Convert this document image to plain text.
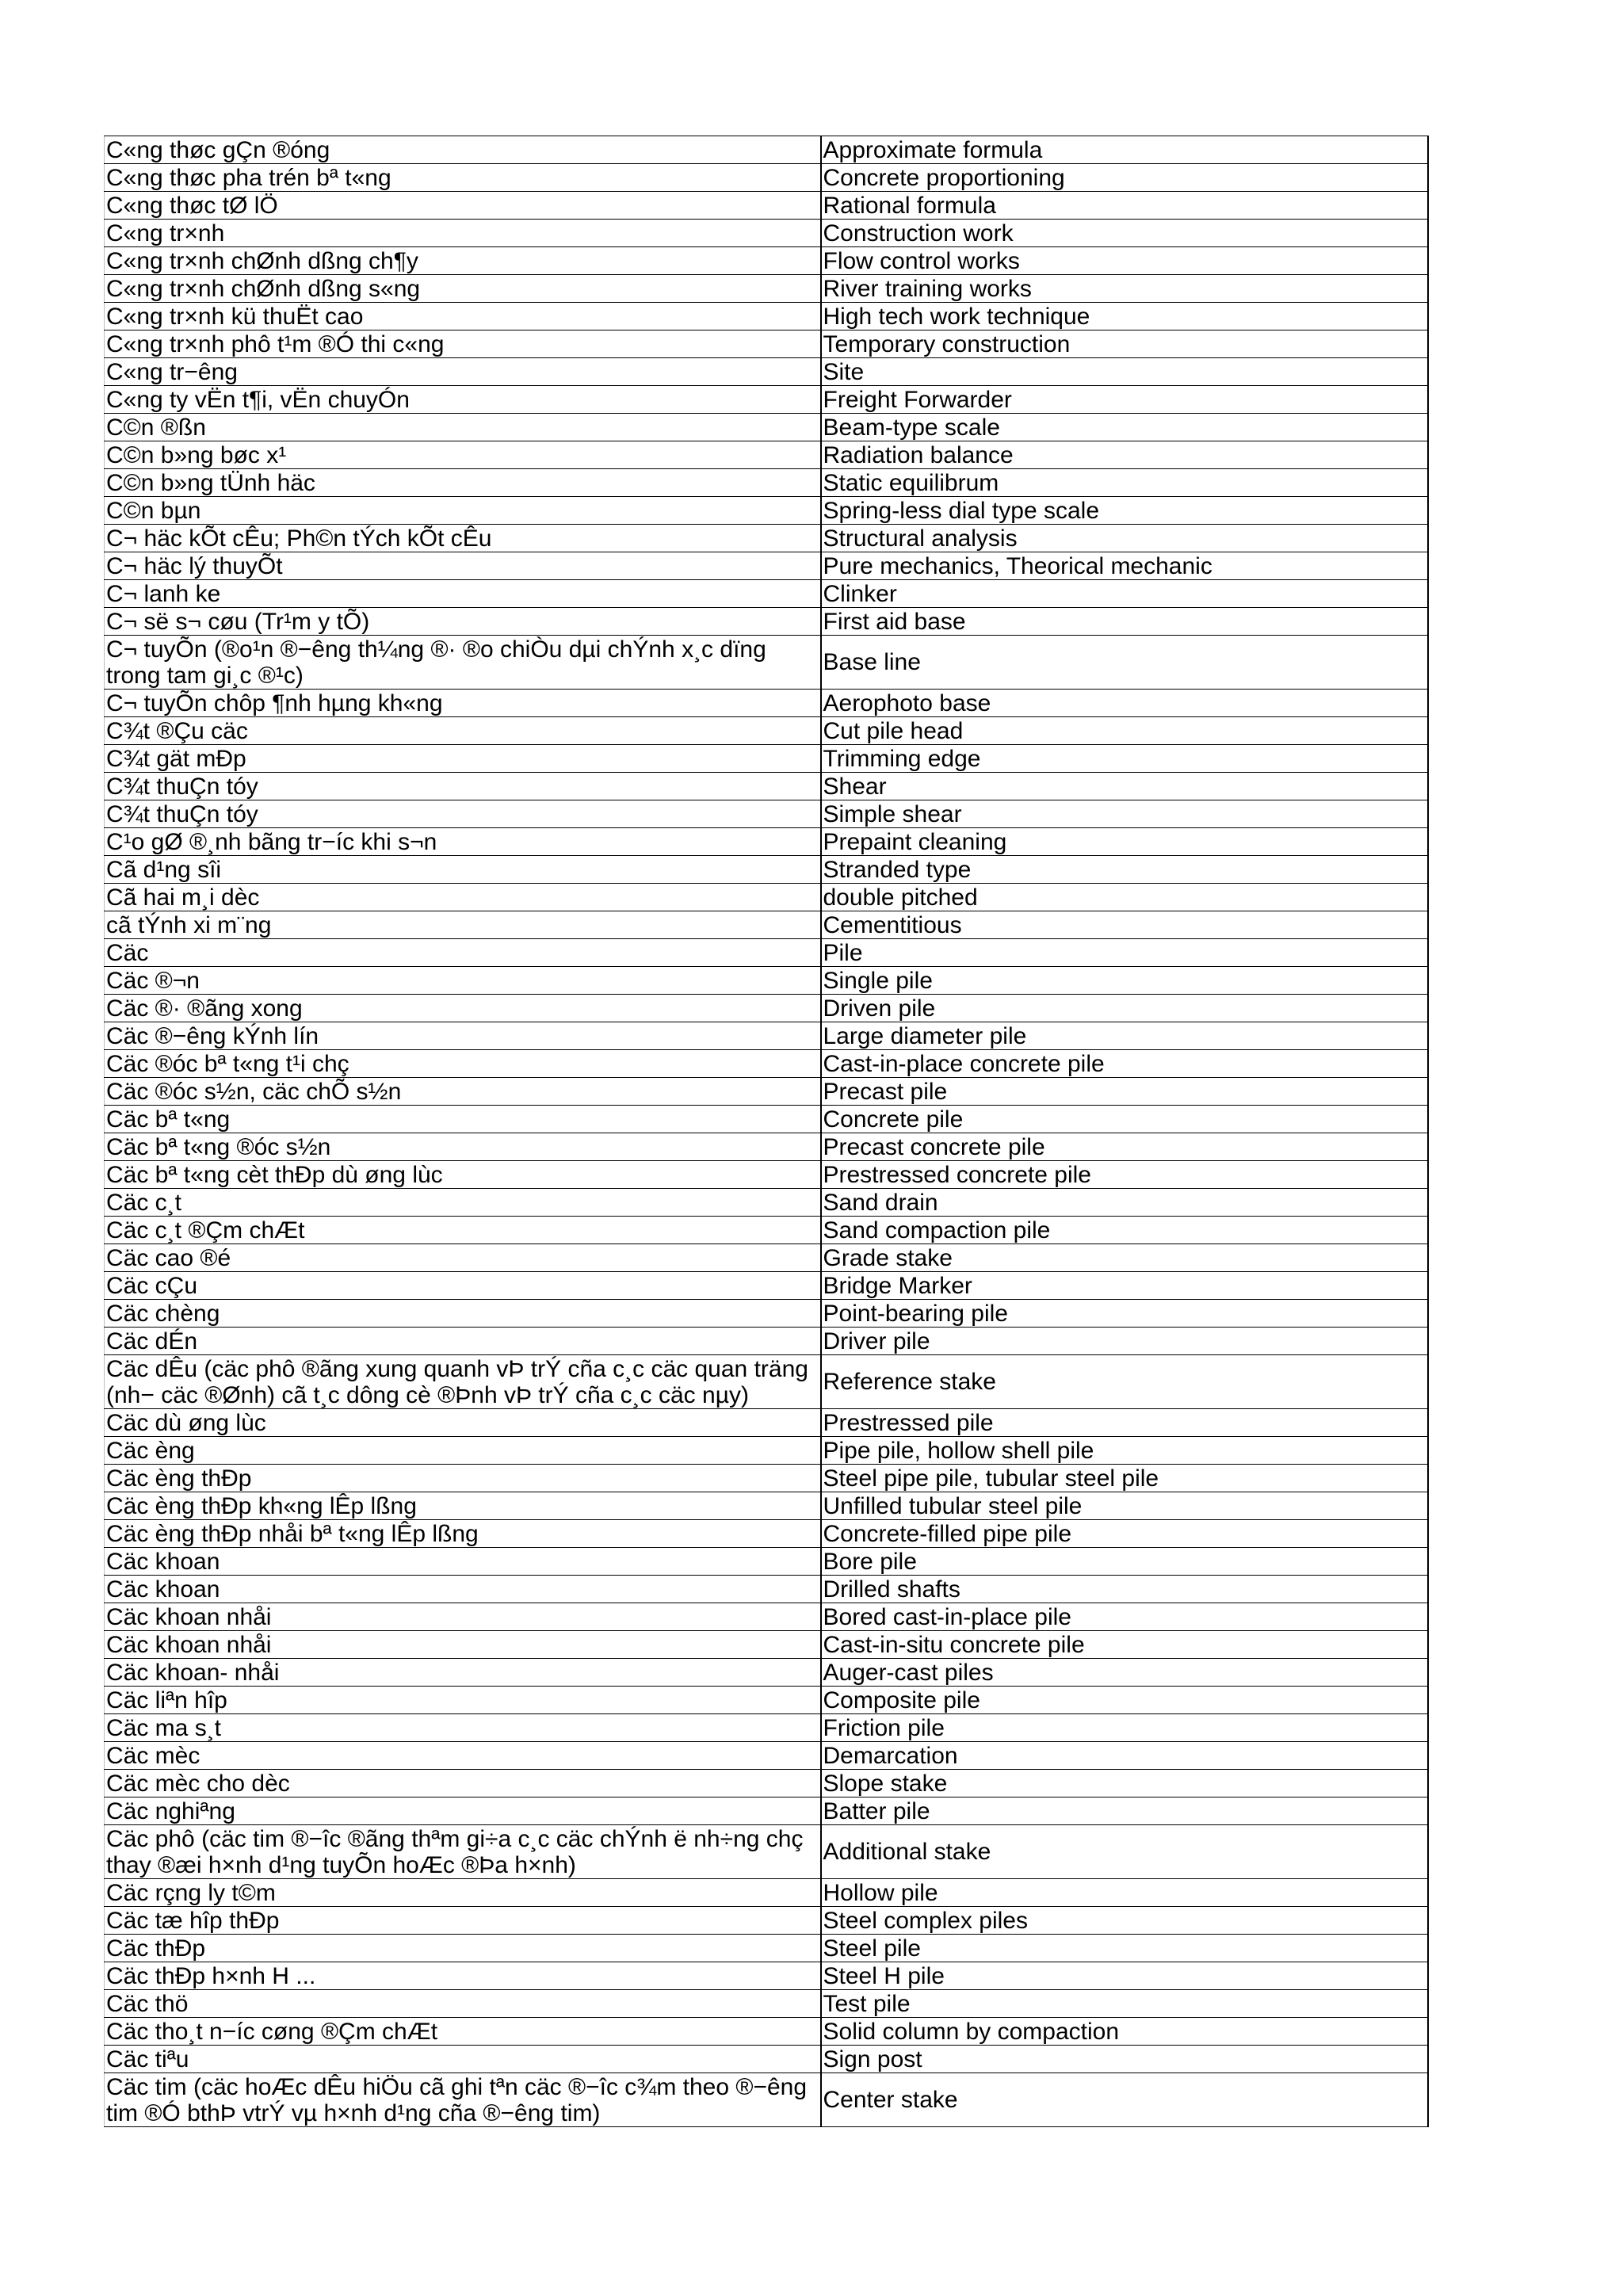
C«ng thøc gÇn ®óng	Approximate formula
C«ng thøc pha trén bª t«ng	Concrete proportioning
C«ng thøc tØ lÖ	Rational formula
C«ng tr×nh	Construction work
C«ng tr×nh chØnh dßng ch¶y	Flow control works
C«ng tr×nh chØnh dßng s«ng	River training works
C«ng tr×nh kü thuËt cao	High tech work technique
C«ng tr×nh phô t¹m ®Ó thi c«ng	Temporary construction
C«ng tr−êng	Site
C«ng ty vËn t¶i, vËn chuyÓn	Freight Forwarder
C©n ®ßn	Beam-type scale
C©n b»ng bøc x¹	Radiation balance
C©n b»ng tÜnh häc	Static equilibrum
C©n bµn	Spring-less dial type scale
C¬ häc kÕt cÊu; Ph©n tÝch kÕt cÊu	Structural analysis
C¬ häc lý thuyÕt	Pure mechanics, Theorical mechanic
C¬ lanh ke	Clinker
C¬ së s¬ cøu (Tr¹m y tÕ)	First aid base
C¬ tuyÕn (®o¹n ®−êng th¼ng ®· ®o chiÒu dµi chÝnh x¸c dïng trong tam gi¸c ®¹c)	Base line
C¬ tuyÕn chôp ¶nh hµng kh«ng	Aerophoto base
C¾t ®Çu cäc	Cut pile head
C¾t gät mÐp	Trimming edge
C¾t thuÇn tóy	Shear
C¾t thuÇn tóy	Simple shear
C¹o gØ ®¸nh bãng tr−íc khi s¬n	Prepaint cleaning
Cã d¹ng sîi	Stranded type
Cã hai m¸i dèc	double pitched
cã tÝnh xi m¨ng	Cementitious
Cäc	Pile
Cäc ®¬n	Single pile
Cäc ®· ®ãng xong	Driven pile
Cäc ®−êng kÝnh lín	Large diameter pile
Cäc ®óc bª t«ng t¹i chç	Cast-in-place concrete pile
Cäc ®óc s½n, cäc chÕ s½n	Precast pile
Cäc bª t«ng	Concrete pile
Cäc bª t«ng ®óc s½n	Precast concrete pile
Cäc bª t«ng cèt thÐp dù øng lùc	Prestressed concrete pile
Cäc c¸t	Sand drain
Cäc c¸t ®Çm chÆt	Sand compaction pile
Cäc cao ®é	Grade stake
Cäc cÇu	Bridge Marker
Cäc chèng	Point-bearing pile
Cäc dÉn	Driver pile
Cäc dÊu (cäc phô ®ãng xung quanh vÞ trÝ cña c¸c cäc quan träng (nh− cäc ®Ønh) cã t¸c dông cè ®Þnh vÞ trÝ cña c¸c cäc nµy)	Reference stake
Cäc dù øng lùc	Prestressed pile
Cäc èng	Pipe pile, hollow shell pile
Cäc èng thÐp	Steel pipe pile, tubular steel pile
Cäc èng thÐp kh«ng lÊp lßng	Unfilled tubular steel pile
Cäc èng thÐp nhåi bª t«ng lÊp lßng	Concrete-filled pipe pile
Cäc khoan	Bore pile
Cäc khoan	Drilled shafts
Cäc khoan nhåi	Bored cast-in-place pile
Cäc khoan nhåi	Cast-in-situ concrete pile
Cäc khoan- nhåi	Auger-cast piles
Cäc liªn hîp	Composite pile
Cäc ma s¸t	Friction pile
Cäc mèc	Demarcation
Cäc mèc cho dèc	Slope stake
Cäc nghiªng	Batter pile
Cäc phô (cäc tim ®−îc ®ãng thªm gi÷a c¸c cäc chÝnh ë nh÷ng chç thay ®æi h×nh d¹ng tuyÕn hoÆc ®Þa h×nh)	Additional stake
Cäc rçng ly t©m	Hollow pile
Cäc tæ hîp thÐp	Steel complex piles
Cäc thÐp	Steel pile
Cäc thÐp h×nh H ...	Steel H pile
Cäc thö	Test pile
Cäc tho¸t n−íc cøng ®Çm chÆt	Solid column by compaction
Cäc tiªu	Sign post
Cäc tim (cäc hoÆc dÊu hiÖu cã ghi tªn cäc ®−îc c¾m theo ®−êng tim ®Ó bthÞ vtrÝ vµ h×nh d¹ng cña ®−êng tim)	Center stake
